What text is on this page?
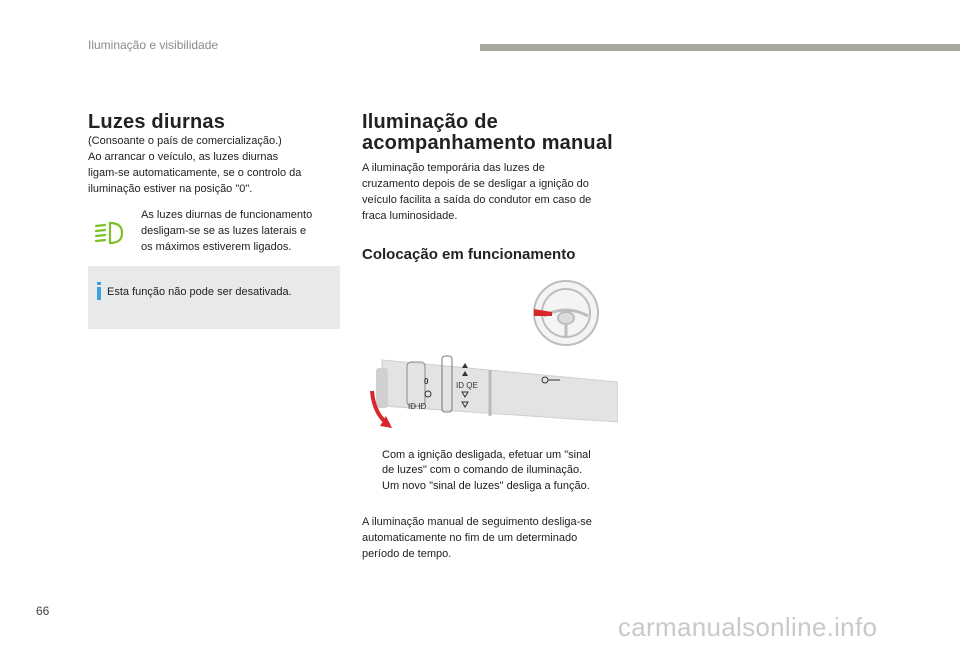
Iluminação e visibilidade
Luzes diurnas
(Consoante o país de comercialização.)
Ao arrancar o veículo, as luzes diurnas
ligam-se automaticamente, se o controlo da
iluminação estiver na posição "0".
As luzes diurnas de funcionamento
desligam-se se as luzes laterais e
os máximos estiverem ligados.
Esta função não pode ser desativada.
Iluminação de
acompanhamento manual
A iluminação temporária das luzes de
cruzamento depois de se desligar a ignição do
veículo facilita a saída do condutor em caso de
fraca luminosidade.
Colocação em funcionamento
0
ID ID
ID QE
Com a ignição desligada, efetuar um "sinal
de luzes" com o comando de iluminação.
Um novo "sinal de luzes" desliga a função.
A iluminação manual de seguimento desliga-se
automaticamente no fim de um determinado
período de tempo.
66
carmanualsonline.info
